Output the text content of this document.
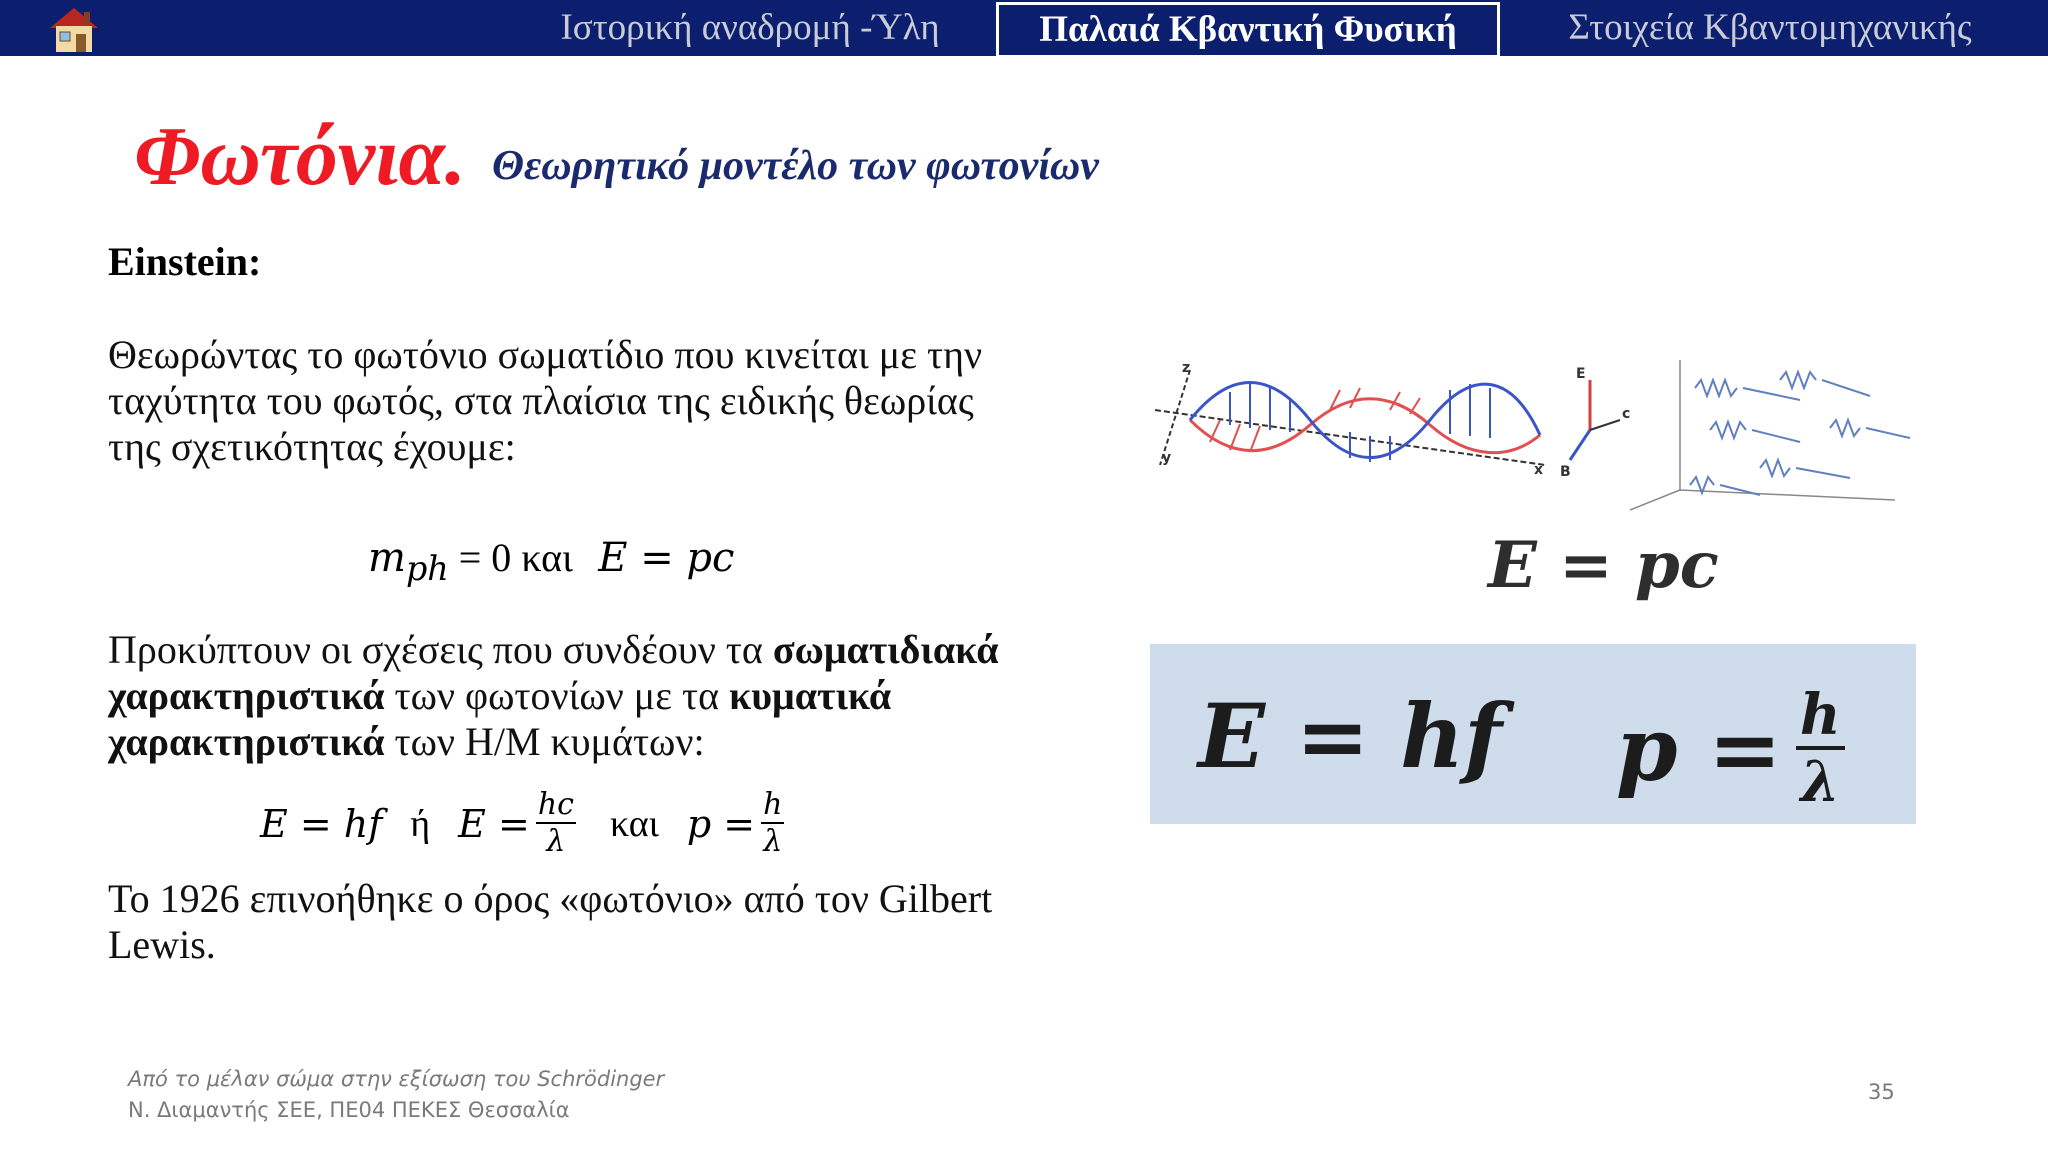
Ιστορική αναδρομή -Ύλη	Παλαιά Κβαντική Φυσική	Στοιχεία Κβαντομηχανικής
Φωτόνια. Θεωρητικό μοντέλο των φωτονίων
Einstein:
Θεωρώντας το φωτόνιο σωματίδιο που κινείται με την ταχύτητα του φωτός, στα πλαίσια της ειδικής θεωρίας της σχετικότητας έχουμε:
$m_{ph} = 0$ και E = pc
Προκύπτουν οι σχέσεις που συνδέουν τα σωματιδιακά χαρακτηριστικά των φωτονίων με τα κυματικά χαρακτηριστικά των Η/Μ κυμάτων:
E = hf ή $E = \frac{hc}{\lambda}$ και $p = \frac{h}{\lambda}$
Το 1926 επινοήθηκε ο όρος «φωτόνιο» από τον Gilbert Lewis.
z
y
x
E
B
c
E = pc
E = hf $p = \frac{h}{\lambda}$
Από το μέλαν σώμα στην εξίσωση του Schrödinger
Ν. Διαμαντής ΣΕΕ, ΠΕ04 ΠΕΚΕΣ Θεσσαλία
35
